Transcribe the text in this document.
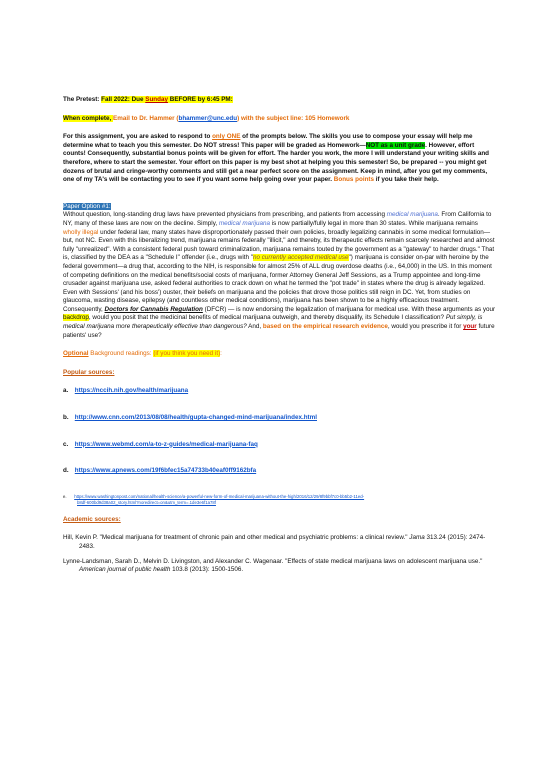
The Pretest: Fall 2022: Due Sunday BEFORE by 6:45 PM:

When complete, Email to Dr. Hammer (bhammer@unc.edu) with the subject line: 105 Homework

For this assignment, you are asked to respond to only ONE of the prompts below. The skills you use to compose your essay will help me determine what to teach you this semester. Do NOT stress! This paper will be graded as Homework—NOT as a unit grade. However, effort counts! Consequently, substantial bonus points will be given for effort. The harder you work, the more I will understand your writing skills and therefore, where to start the semester. Your effort on this paper is my best shot at helping you this semester! So, be prepared -- you might get dozens of brutal and cringe-worthy comments and still get a near perfect score on the assignment. Keep in mind, after you get my comments, one of my TA's will be contacting you to see if you want some help going over your paper. Bonus points if you take their help.

Paper Option #1:

Without question, long-standing drug laws have prevented physicians from prescribing, and patients from accessing medical marijuana. From California to NY, many of these laws are now on the decline. Simply, medical marijuana is now partially/fully legal in more than 30 states. While marijuana remains wholly illegal under federal law, many states have disproportionately passed their own policies, broadly legalizing cannabis in some medical formulation—but, not NC. Even with this liberalizing trend, marijuana remains federally "illicit," and thereby, its therapeutic effects remain scarcely researched and almost fully "unrealized". With a consistent federal push toward criminalization, marijuana remains touted by the government as a "gateway" to harder drugs." That is, classified by the DEA as a "Schedule I" offender (i.e., drugs with "no currently accepted medical use") marijuana is consider on-par with heroine by the federal government—a drug that, according to the NIH, is responsible for almost 25% of ALL drug overdose deaths (i.e., 64,000) in the US. In this moment of competing definitions on the medical benefits/social costs of marijuana, former Attorney General Jeff Sessions, as a Trump appointee and long-time crusader against marijuana use, asked federal authorities to crack down on what he termed the "pot trade" in states where the drug is already legalized. Even with Sessions' (and his boss') ouster, their beliefs on marijuana and the policies that drove those politics still reign in DC. Yet, from studies on glaucoma, wasting disease, epilepsy (and countless other medical conditions), marijuana has been shown to be a highly efficacious treatment. Consequently, Doctors for Cannabis Regulation (DFCR) — is now endorsing the legalization of marijuana for medical use. With these arguments as your backdrop, would you posit that the medicinal benefits of medical marijuana outweigh, and thereby disqualify, its Schedule I classification? Put simply, is medical marijuana more therapeutically effective than dangerous? And, based on the empirical research evidence, would you prescribe it for your future patients' use?

Optional Background readings: (if you think you need it):

Popular sources:

a. https://nccih.nih.gov/health/marijuana

b. http://www.cnn.com/2013/08/08/health/gupta-changed-mind-marijuana/index.html

c. https://www.webmd.com/a-to-z-guides/medical-marijuana-faq

d. https://www.apnews.com/19f6bfec15a74733b40eaf0ff9162bfa

e. https://www.washingtonpost.com/national/health-science/a-powerful-new-form-of-medical-marijuana-without-the-high/2016/12/29/8f9bbf7c0-bb5b2-11ed-
b8df-600bd9d38a02_story.html?noredirect=on&utm_term=.1de3e6f1a78f

Academic sources:

Hill, Kevin P. "Medical marijuana for treatment of chronic pain and other medical and psychiatric problems: a clinical review." Jama 313.24 (2015): 2474-2483.

Lynne-Landsman, Sarah D., Melvin D. Livingston, and Alexander C. Wagenaar. "Effects of state medical marijuana laws on adolescent marijuana use." American journal of public health 103.8 (2013): 1500-1506.
